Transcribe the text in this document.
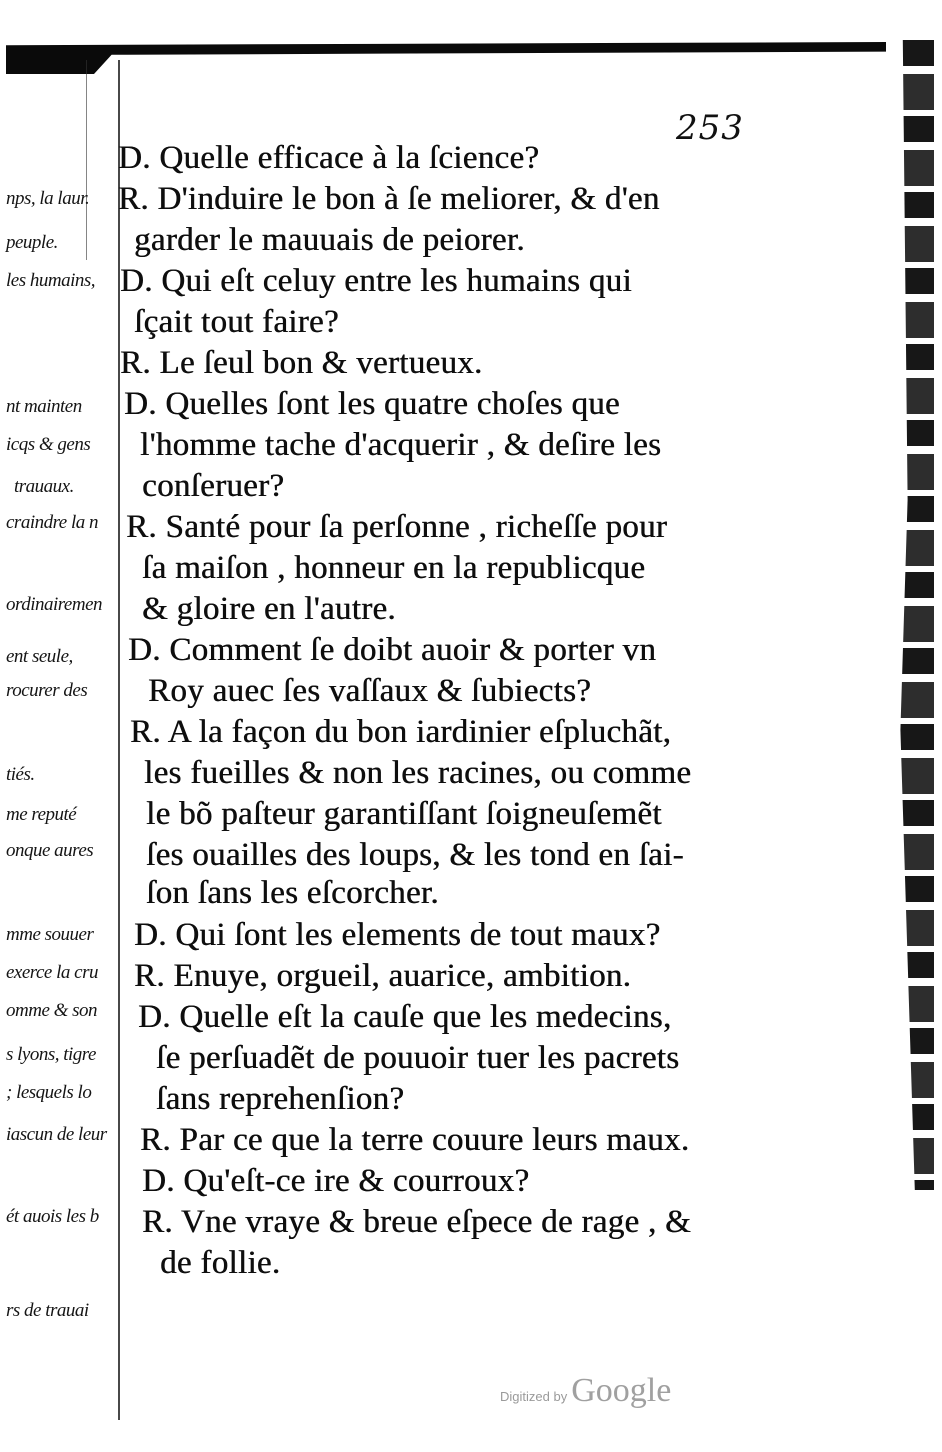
253
nps, la laur.
peuple.
les humains,
nt mainten
icqs & gens
trauaux.
craindre la n
ordinairemen
ent seule,
rocurer des
tiés.
me reputé
onque aures
mme souuer
exerce la cru
omme & son
s lyons, tigre
; lesquels lo
iascun de leur
ét auois les b
rs de trauai
D. Quelle efficace à la ſcience?
R. D'induire le bon à ſe meliorer, & d'en
garder le mauuais de peiorer.
D. Qui eſt celuy entre les humains qui
ſçait tout faire?
R. Le ſeul bon & vertueux.
D. Quelles ſont les quatre choſes que
l'homme tache d'acquerir , & deſire les
conſeruer?
R. Santé pour ſa perſonne , richeſſe pour
ſa maiſon , honneur en la republicque
& gloire en l'autre.
D. Comment ſe doibt auoir & porter vn
Roy auec ſes vaſſaux & ſubiects?
R. A la façon du bon iardinier eſpluchãt,
les fueilles & non les racines, ou comme
le bõ paſteur garantiſſant ſoigneuſemẽt
ſes ouailles des loups, & les tond en ſai-
ſon ſans les eſcorcher.
D. Qui ſont les elements de tout maux?
R. Enuye, orgueil, auarice, ambition.
D. Quelle eſt la cauſe que les medecins,
ſe perſuadẽt de pouuoir tuer les pacrets
ſans reprehenſion?
R. Par ce que la terre couure leurs maux.
D. Qu'eſt-ce ire & courroux?
R. Vne vraye & breue eſpece de rage , &
de follie.
Digitized by Google
